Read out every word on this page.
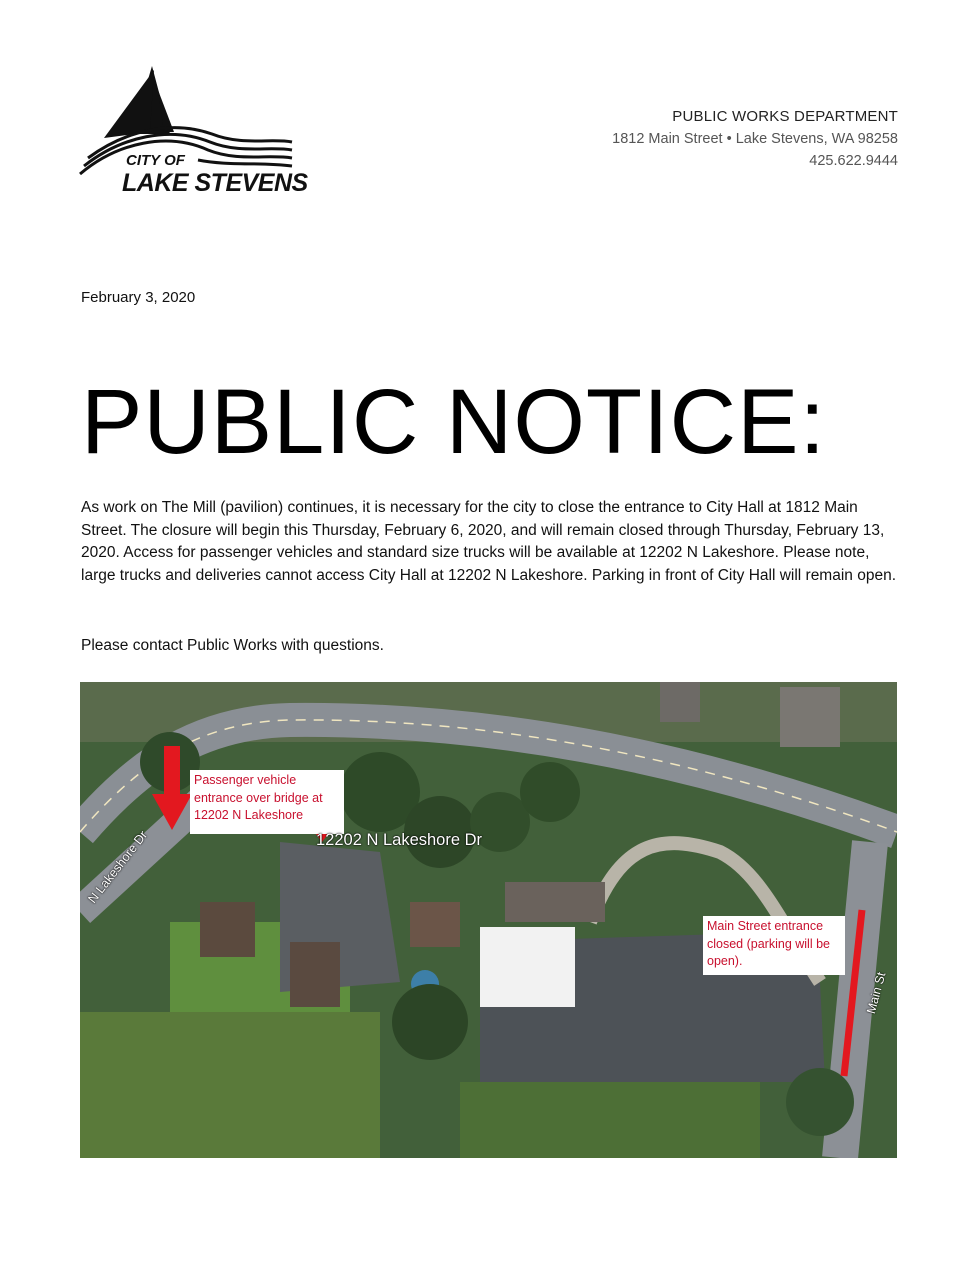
CITY OF
LAKE STEVENS
PUBLIC WORKS DEPARTMENT
1812 Main Street • Lake Stevens, WA 98258
425.622.9444
February 3, 2020
PUBLIC NOTICE:
As work on The Mill (pavilion) continues, it is necessary for the city to close the entrance to City Hall at 1812 Main Street. The closure will begin this Thursday, February 6, 2020, and will remain closed through Thursday, February 13, 2020. Access for passenger vehicles and standard size trucks will be available at 12202 N Lakeshore. Please note, large trucks and deliveries cannot access City Hall at 12202 N Lakeshore. Parking in front of City Hall will remain open.
Please contact Public Works with questions.
Passenger vehicle entrance over bridge at 12202 N Lakeshore
Main Street entrance closed (parking will be open).
12202 N Lakeshore Dr
N Lakeshore Dr
Main St
